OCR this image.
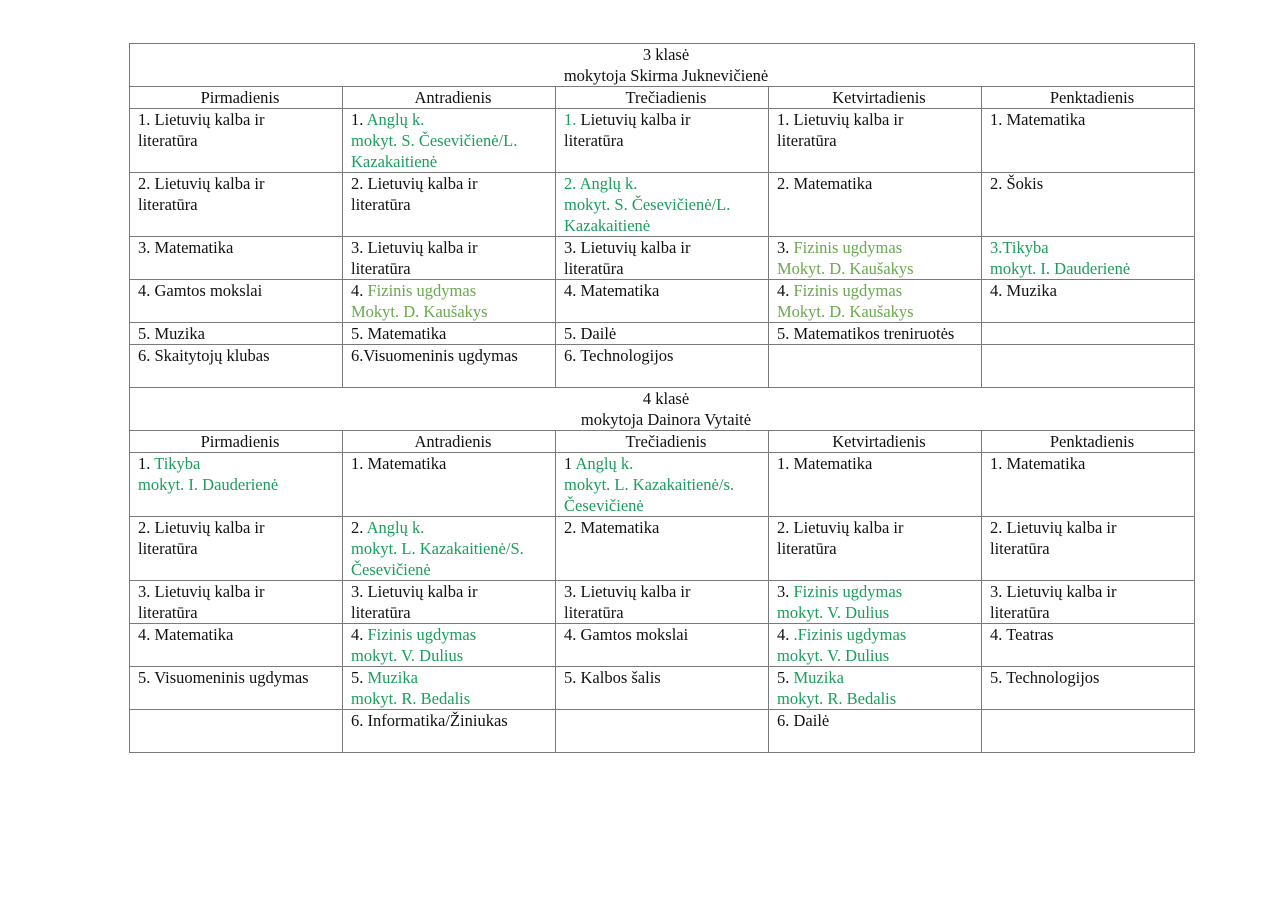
3 klasė
mokytoja Skirma Juknevičienė				

Pirmadienis	Antradienis	Trečiadienis	Ketvirtadienis	Penktadienis

1. Lietuvių kalba ir
literatūra	1. Anglų k.
mokyt. S. Česevičienė/L.
Kazakaitienė	1. Lietuvių kalba ir
literatūra	1. Lietuvių kalba ir
literatūra	1. Matematika

2. Lietuvių kalba ir
literatūra	2. Lietuvių kalba ir
literatūra	2. Anglų k.
mokyt. S. Česevičienė/L.
Kazakaitienė	2. Matematika	2. Šokis

3. Matematika	3. Lietuvių kalba ir
literatūra	3. Lietuvių kalba ir
literatūra	3. Fizinis ugdymas
Mokyt. D. Kaušakys	3.Tikyba
mokyt. I. Dauderienė

4. Gamtos mokslai	4. Fizinis ugdymas
Mokyt. D. Kaušakys	4. Matematika	4. Fizinis ugdymas
Mokyt. D. Kaušakys	4. Muzika

5. Muzika	5. Matematika	5. Dailė	5. Matematikos treniruotės	

6. Skaitytojų klubas	6.Visuomeninis ugdymas	6. Technologijos		

4 klasė
mokytoja Dainora Vytaitė				

Pirmadienis	Antradienis	Trečiadienis	Ketvirtadienis	Penktadienis

1. Tikyba
mokyt. I. Dauderienė	1. Matematika	1 Anglų k.
mokyt. L. Kazakaitienė/s.
Česevičienė	1. Matematika	1. Matematika

2. Lietuvių kalba ir
literatūra	2. Anglų k.
mokyt. L. Kazakaitienė/S.
Česevičienė	2. Matematika	2. Lietuvių kalba ir
literatūra	2. Lietuvių kalba ir
literatūra

3. Lietuvių kalba ir
literatūra	3. Lietuvių kalba ir
literatūra	3. Lietuvių kalba ir
literatūra	3. Fizinis ugdymas
mokyt. V. Dulius	3. Lietuvių kalba ir
literatūra

4. Matematika	4. Fizinis ugdymas
mokyt. V. Dulius	4. Gamtos mokslai	4. .Fizinis ugdymas
mokyt. V. Dulius	4. Teatras

5. Visuomeninis ugdymas	5. Muzika
mokyt. R. Bedalis	5. Kalbos šalis	5. Muzika
mokyt. R. Bedalis	5. Technologijos

	6. Informatika/Žiniukas		6. Dailė	
